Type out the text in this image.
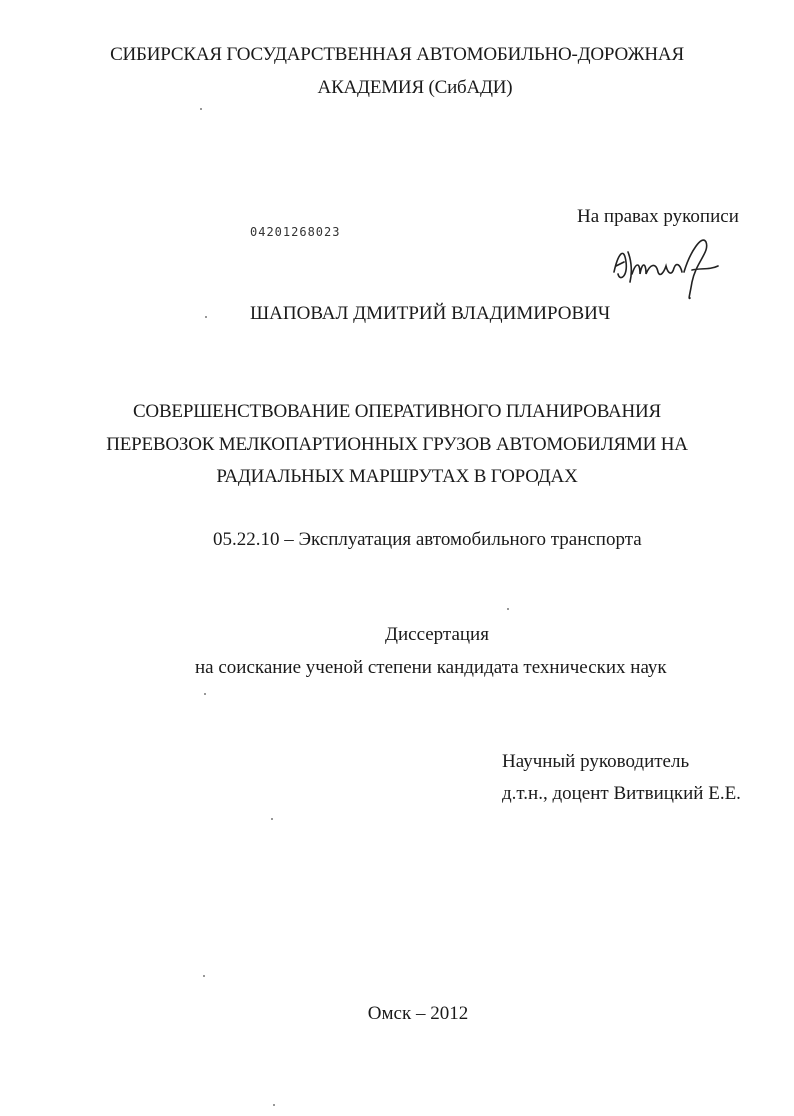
СИБИРСКАЯ ГОСУДАРСТВЕННАЯ АВТОМОБИЛЬНО-ДОРОЖНАЯ
АКАДЕМИЯ (СибАДИ)
На правах рукописи
04201268023
ШАПОВАЛ ДМИТРИЙ ВЛАДИМИРОВИЧ
СОВЕРШЕНСТВОВАНИЕ ОПЕРАТИВНОГО ПЛАНИРОВАНИЯ
ПЕРЕВОЗОК МЕЛКОПАРТИОННЫХ ГРУЗОВ АВТОМОБИЛЯМИ НА
РАДИАЛЬНЫХ МАРШРУТАХ В ГОРОДАХ
05.22.10 – Эксплуатация автомобильного транспорта
Диссертация
на соискание ученой степени кандидата технических наук
Научный руководитель
д.т.н., доцент Витвицкий Е.Е.
Омск – 2012
